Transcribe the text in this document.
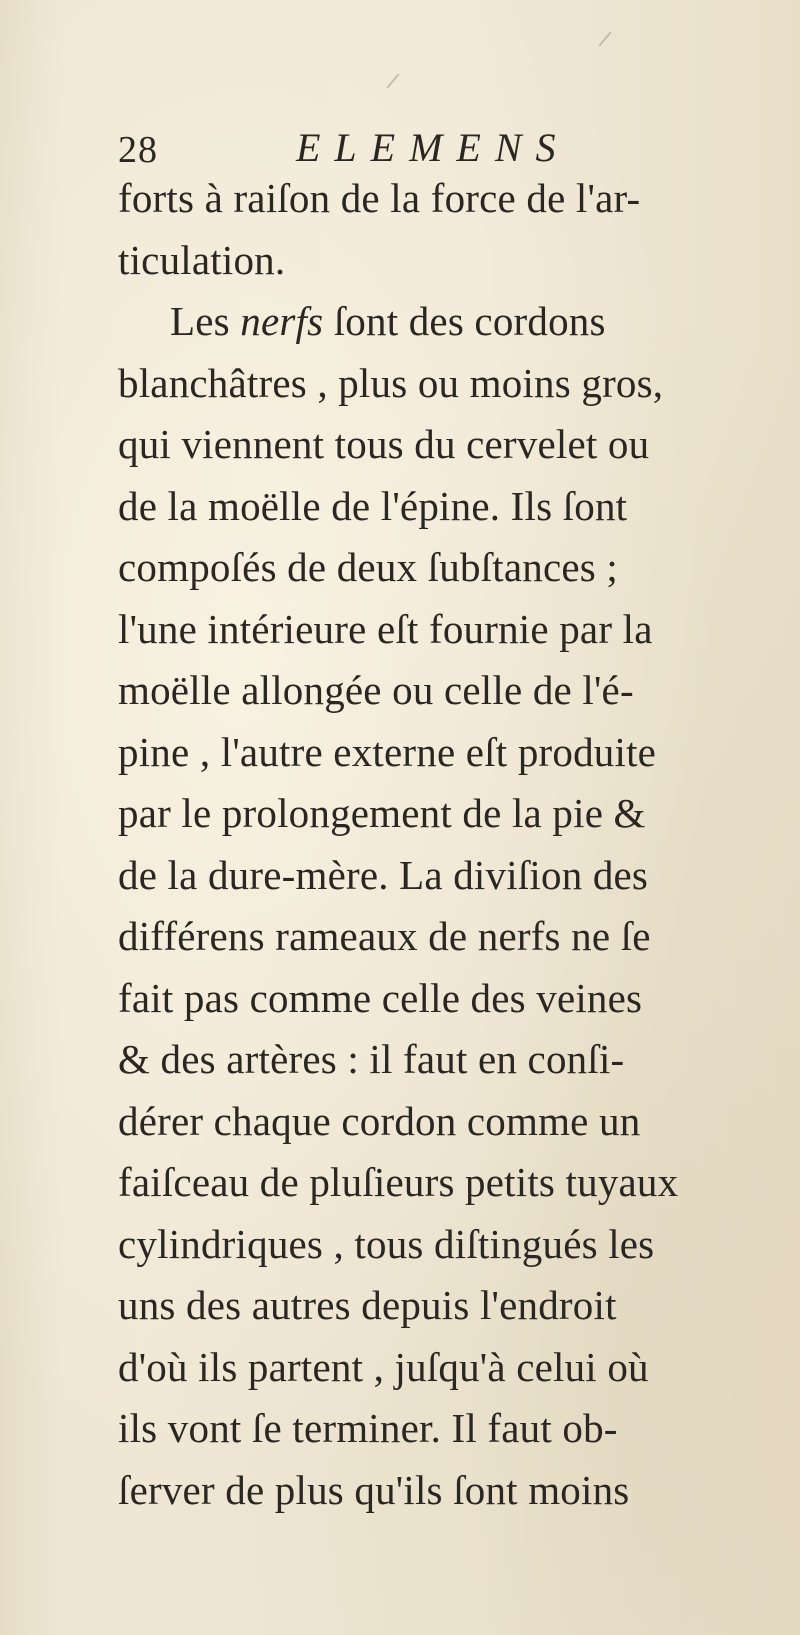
28	ELEMENS
forts à raiſon de la force de l'ar-
ticulation.
Les nerfs ſont des cordons
blanchâtres , plus ou moins gros,
qui viennent tous du cervelet ou
de la moëlle de l'épine. Ils ſont
compoſés de deux ſubſtances ;
l'une intérieure eſt fournie par la
moëlle allongée ou celle de l'é-
pine , l'autre externe eſt produite
par le prolongement de la pie &
de la dure-mère. La diviſion des
différens rameaux de nerfs ne ſe
fait pas comme celle des veines
& des artères : il faut en conſi-
dérer chaque cordon comme un
faiſceau de pluſieurs petits tuyaux
cylindriques , tous diſtingués les
uns des autres depuis l'endroit
d'où ils partent , juſqu'à celui où
ils vont ſe terminer. Il faut ob-
ſerver de plus qu'ils ſont moins
